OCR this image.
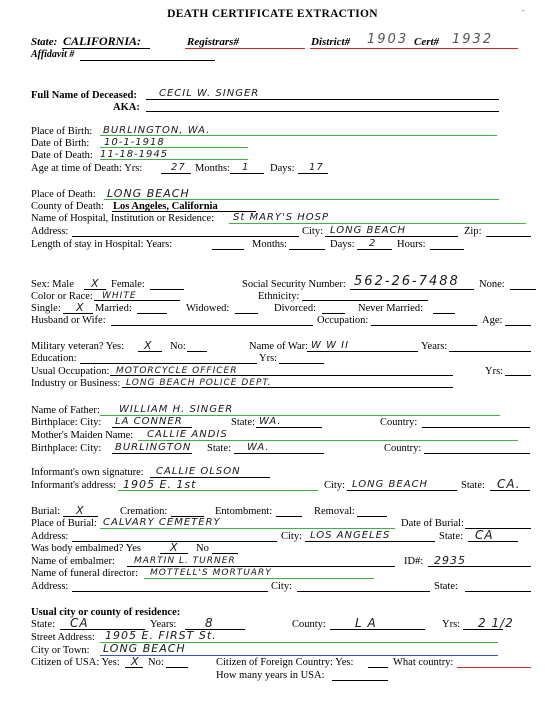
DEATH CERTIFICATE EXTRACTION	-
State: CALIFORNIA:	Registrars#	District# 1903 Cert# 1932
Affidavit #
Full Name of Deceased: CECIL W. SINGER
AKA:
Place of Birth: BURLINGTON, WA.
Date of Birth: 10-1-1918
Date of Death: 11-18-1945
Age at time of Death: Yrs:	27 Months: 1 Days: 17
Place of Death: LONG BEACH
County of Death: Los Angeles, California
Name of Hospital, Institution or Residence: St MARY'S HOSP
Address:	City: LONG BEACH	Zip:
Length of stay in Hospital: Years:	Months:	Days: 2 Hours:
Sex: Male X Female:	Social Security Number: 562-26-7488 None:
Color or Race: WHITE	Ethnicity:
Single: X Married:	Widowed:	Divorced:	Never Married:
Husband or Wife:	Occupation:	Age:
Military veteran? Yes: X No:	Name of War: W W II	Years:
Education:	Yrs:
Usual Occupation: MOTORCYCLE OFFICER	Yrs:
Industry or Business: LONG BEACH POLICE DEPT.
Name of Father: WILLIAM H. SINGER
Birthplace: City: LA CONNER	State: WA.	Country:
Mother's Maiden Name: CALLIE ANDIS
Birthplace: City: BURLINGTON State: WA.	Country:
Informant's own signature: CALLIE OLSON
Informant's address: 1905 E. 1st	City: LONG BEACH	State: CA.
Burial: X	Cremation:	Entombment:	Removal:
Place of Burial: CALVARY CEMETERY	Date of Burial:
Address:	City: LOS ANGELES	State: CA
Was body embalmed? Yes	X No
Name of embalmer: MARTIN L. TURNER	ID#: 2935
Name of funeral director: MOTTELL'S MORTUARY
Address:	City:	State:
Usual city or county of residence:
State: CA	Years: 8	County: L A	Yrs: 2 1/2
Street Address: 1905 E. FIRST St.
City or Town: LONG BEACH
Citizen of USA: Yes: X No:	Citizen of Foreign Country: Yes:	What country:
How many years in USA:
